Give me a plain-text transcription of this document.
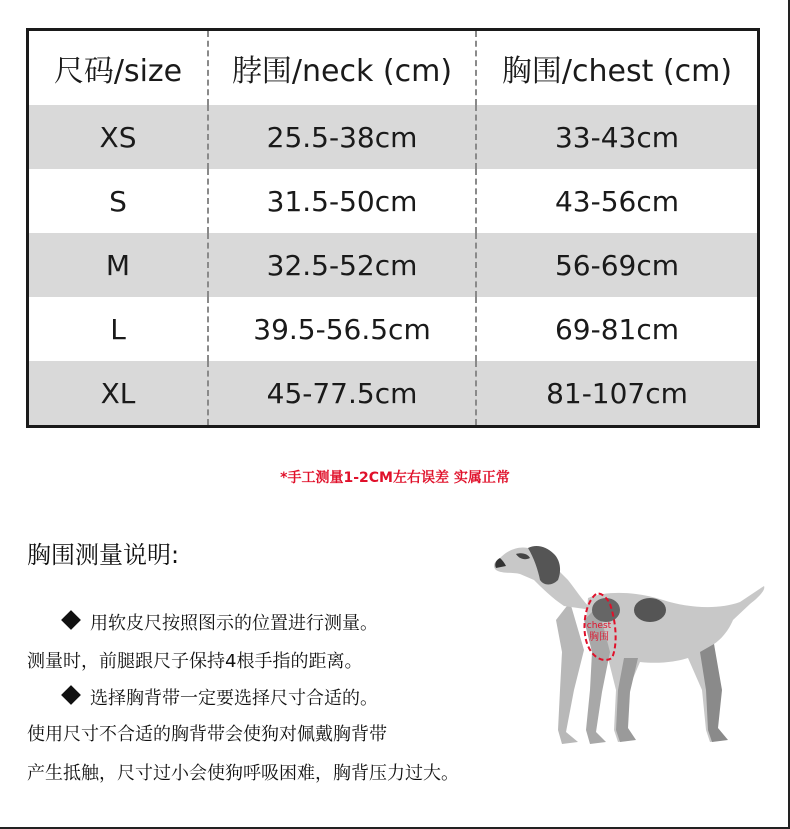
尺码/size	脖围/neck (cm)	胸围/chest (cm)
XS	25.5-38cm	33-43cm
S	31.5-50cm	43-56cm
M	32.5-52cm	56-69cm
L	39.5-56.5cm	69-81cm
XL	45-77.5cm	81-107cm
*手工测量1-2CM左右误差 实属正常
胸围测量说明:
用软皮尺按照图示的位置进行测量。
测量时，前腿跟尺子保持4根手指的距离。
选择胸背带一定要选择尺寸合适的。
使用尺寸不合适的胸背带会使狗对佩戴胸背带
产生抵触，尺寸过小会使狗呼吸困难，胸背压力过大。
chest
胸围
